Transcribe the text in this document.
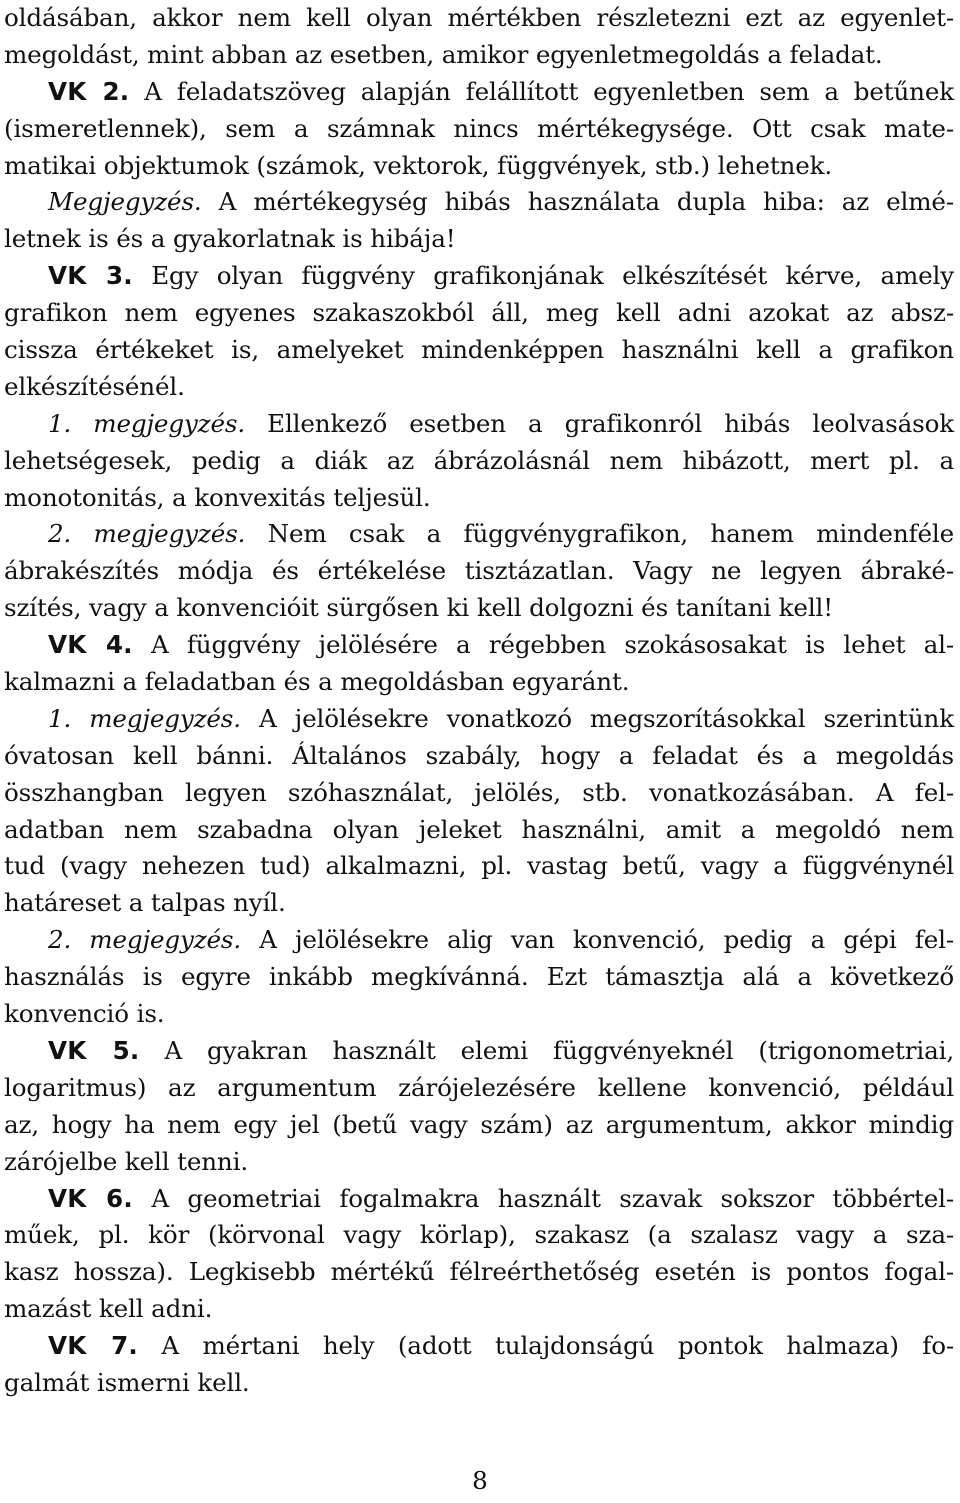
oldásában, akkor nem kell olyan mértékben részletezni ezt az egyenlet-
megoldást, mint abban az esetben, amikor egyenletmegoldás a feladat.
VK 2. A feladatszöveg alapján felállított egyenletben sem a betűnek
(ismeretlennek), sem a számnak nincs mértékegysége. Ott csak mate-
matikai objektumok (számok, vektorok, függvények, stb.) lehetnek.
Megjegyzés. A mértékegység hibás használata dupla hiba: az elmé-
letnek is és a gyakorlatnak is hibája!
VK 3. Egy olyan függvény grafikonjának elkészítését kérve, amely
grafikon nem egyenes szakaszokból áll, meg kell adni azokat az absz-
cissza értékeket is, amelyeket mindenképpen használni kell a grafikon
elkészítésénél.
1. megjegyzés. Ellenkező esetben a grafikonról hibás leolvasások
lehetségesek, pedig a diák az ábrázolásnál nem hibázott, mert pl. a
monotonitás, a konvexitás teljesül.
2. megjegyzés. Nem csak a függvénygrafikon, hanem mindenféle
ábrakészítés módja és értékelése tisztázatlan. Vagy ne legyen ábraké-
szítés, vagy a konvencióit sürgősen ki kell dolgozni és tanítani kell!
VK 4. A függvény jelölésére a régebben szokásosakat is lehet al-
kalmazni a feladatban és a megoldásban egyaránt.
1. megjegyzés. A jelölésekre vonatkozó megszorításokkal szerintünk
óvatosan kell bánni. Általános szabály, hogy a feladat és a megoldás
összhangban legyen szóhasználat, jelölés, stb. vonatkozásában. A fel-
adatban nem szabadna olyan jeleket használni, amit a megoldó nem
tud (vagy nehezen tud) alkalmazni, pl. vastag betű, vagy a függvénynél
határeset a talpas nyíl.
2. megjegyzés. A jelölésekre alig van konvenció, pedig a gépi fel-
használás is egyre inkább megkívánná. Ezt támasztja alá a következő
konvenció is.
VK 5. A gyakran használt elemi függvényeknél (trigonometriai,
logaritmus) az argumentum zárójelezésére kellene konvenció, például
az, hogy ha nem egy jel (betű vagy szám) az argumentum, akkor mindig
zárójelbe kell tenni.
VK 6. A geometriai fogalmakra használt szavak sokszor többértel-
műek, pl. kör (körvonal vagy körlap), szakasz (a szalasz vagy a sza-
kasz hossza). Legkisebb mértékű félreérthetőség esetén is pontos fogal-
mazást kell adni.
VK 7. A mértani hely (adott tulajdonságú pontok halmaza) fo-
galmát ismerni kell.
8
